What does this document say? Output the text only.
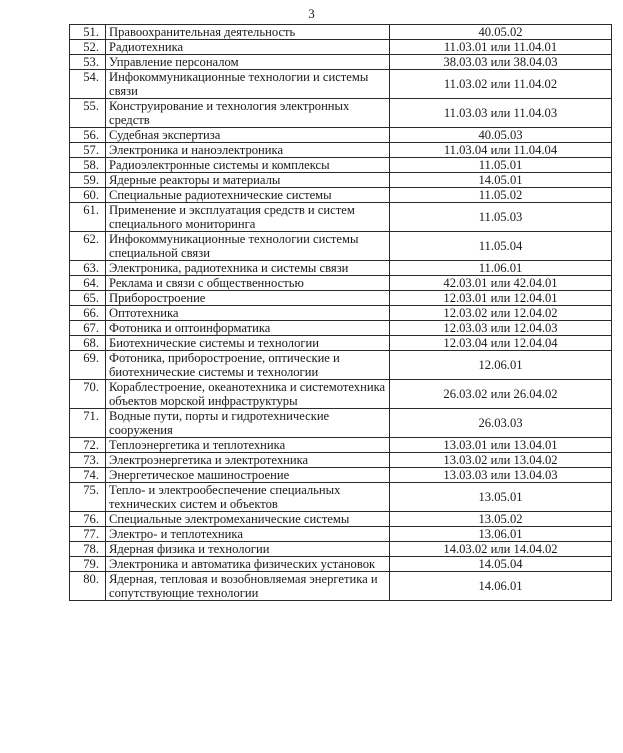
3
51.	Правоохранительная деятельность	40.05.02
52.	Радиотехника	11.03.01 или 11.04.01
53.	Управление персоналом	38.03.03 или 38.04.03
54.	Инфокоммуникационные технологии и системы связи	11.03.02 или 11.04.02
55.	Конструирование и технология электронных средств	11.03.03 или 11.04.03
56.	Судебная экспертиза	40.05.03
57.	Электроника и наноэлектроника	11.03.04 или 11.04.04
58.	Радиоэлектронные системы и комплексы	11.05.01
59.	Ядерные реакторы и материалы	14.05.01
60.	Специальные радиотехнические системы	11.05.02
61.	Применение и эксплуатация средств и систем специального мониторинга	11.05.03
62.	Инфокоммуникационные технологии системы специальной связи	11.05.04
63.	Электроника, радиотехника и системы связи	11.06.01
64.	Реклама и связи с общественностью	42.03.01 или 42.04.01
65.	Приборостроение	12.03.01 или 12.04.01
66.	Оптотехника	12.03.02 или 12.04.02
67.	Фотоника и оптоинформатика	12.03.03 или 12.04.03
68.	Биотехнические системы и технологии	12.03.04 или 12.04.04
69.	Фотоника, приборостроение, оптические и биотехнические системы и технологии	12.06.01
70.	Кораблестроение, океанотехника и системотехника объектов морской инфраструктуры	26.03.02 или 26.04.02
71.	Водные пути, порты и гидротехнические сооружения	26.03.03
72.	Теплоэнергетика и теплотехника	13.03.01 или 13.04.01
73.	Электроэнергетика и электротехника	13.03.02 или 13.04.02
74.	Энергетическое машиностроение	13.03.03 или 13.04.03
75.	Тепло- и электрообеспечение специальных технических систем и объектов	13.05.01
76.	Специальные электромеханические системы	13.05.02
77.	Электро- и теплотехника	13.06.01
78.	Ядерная физика и технологии	14.03.02 или 14.04.02
79.	Электроника и автоматика физических установок	14.05.04
80.	Ядерная, тепловая и возобновляемая энергетика и сопутствующие технологии	14.06.01
